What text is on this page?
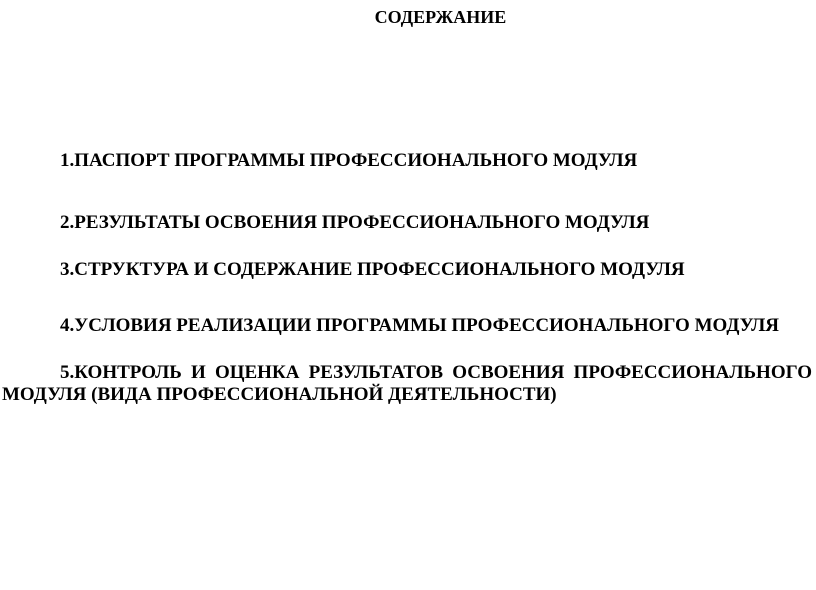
СОДЕРЖАНИЕ

1.ПАСПОРТ ПРОГРАММЫ ПРОФЕССИОНАЛЬНОГО МОДУЛЯ

2.РЕЗУЛЬТАТЫ ОСВОЕНИЯ ПРОФЕССИОНАЛЬНОГО МОДУЛЯ

3.СТРУКТУРА И СОДЕРЖАНИЕ ПРОФЕССИОНАЛЬНОГО МОДУЛЯ

4.УСЛОВИЯ РЕАЛИЗАЦИИ ПРОГРАММЫ ПРОФЕССИОНАЛЬНОГО МОДУЛЯ

5.КОНТРОЛЬ И ОЦЕНКА РЕЗУЛЬТАТОВ ОСВОЕНИЯ ПРОФЕССИОНАЛЬНОГО МОДУЛЯ (ВИДА ПРОФЕССИОНАЛЬНОЙ ДЕЯТЕЛЬНОСТИ)
